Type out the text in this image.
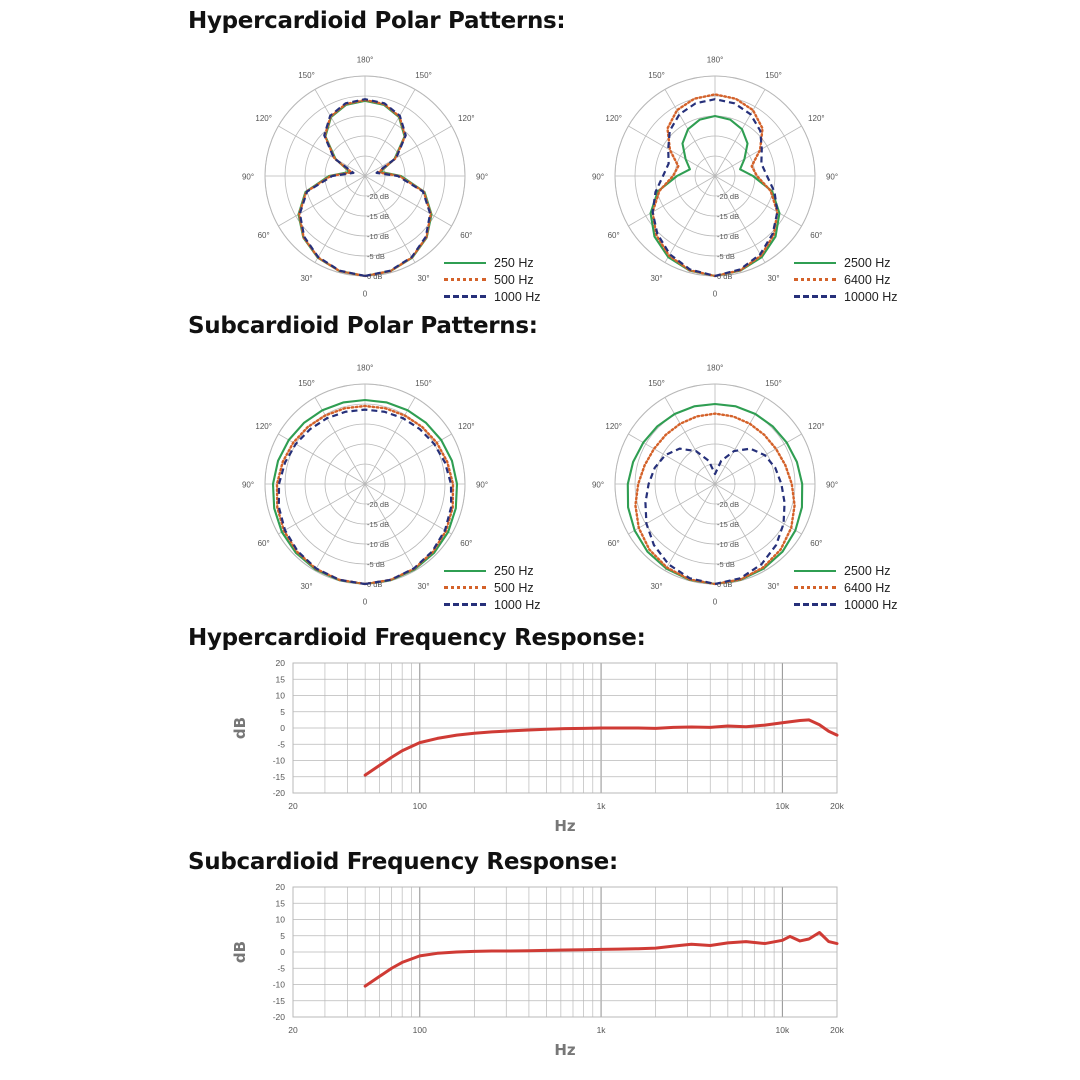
Hypercardioid Polar Patterns:
Subcardioid Polar Patterns:
Hypercardioid Frequency Response:
Subcardioid Frequency Response:
0
30°
60°
90°
120°
150°
180°
150°
120°
90°
60°
30°
-20 dB
-15 dB
-10 dB
-5 dB
0 dB
0
30°
60°
90°
120°
150°
180°
150°
120°
90°
60°
30°
-20 dB
-15 dB
-10 dB
-5 dB
0 dB
0
30°
60°
90°
120°
150°
180°
150°
120°
90°
60°
30°
-20 dB
-15 dB
-10 dB
-5 dB
0 dB
0
30°
60°
90°
120°
150°
180°
150°
120°
90°
60°
30°
-20 dB
-15 dB
-10 dB
-5 dB
0 dB
250 Hz
500 Hz
1000 Hz
2500 Hz
6400 Hz
10000 Hz
250 Hz
500 Hz
1000 Hz
2500 Hz
6400 Hz
10000 Hz
-20
-15
-10
-5
0
5
10
15
20
20	100	1k	10k	20k
Hz
dB
-20
-15
-10
-5
0
5
10
15
20
20	100	1k	10k	20k
Hz
dB
